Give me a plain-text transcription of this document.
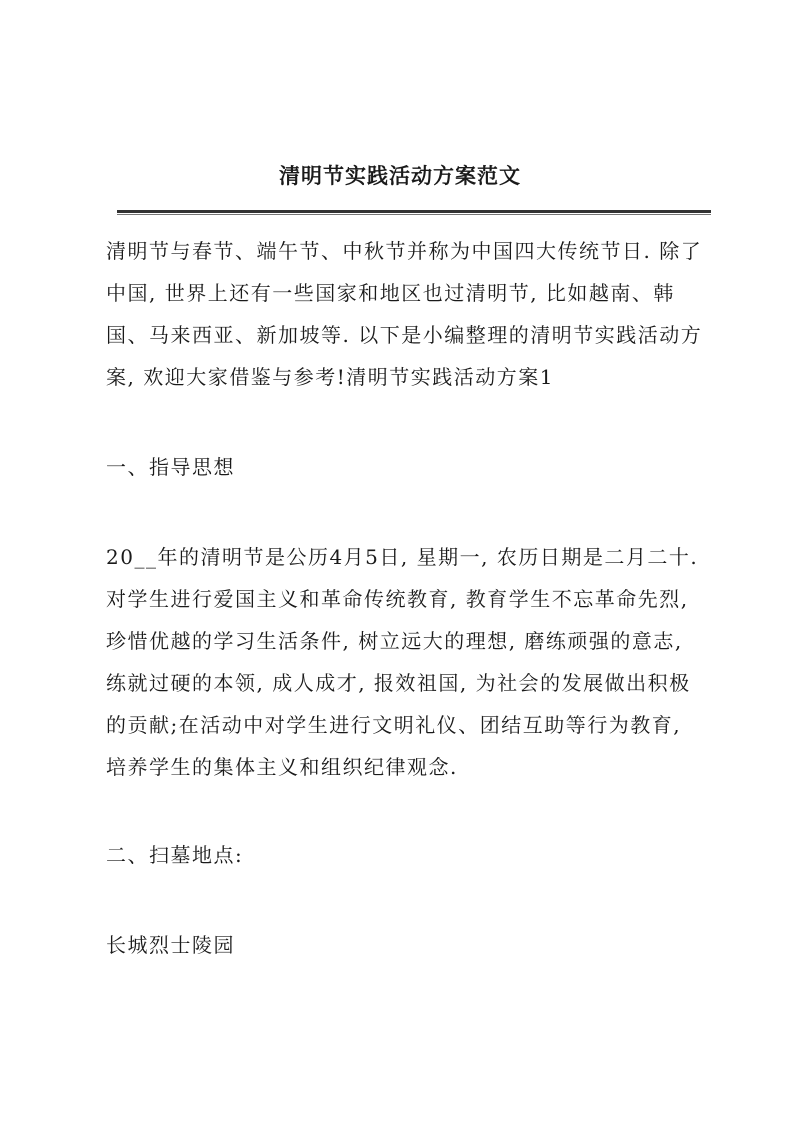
清明节实践活动方案范文

清明节与春节、端午节、中秋节并称为中国四大传统节日. 除了中国, 世界上还有一些国家和地区也过清明节, 比如越南、韩国、马来西亚、新加坡等. 以下是小编整理的清明节实践活动方案, 欢迎大家借鉴与参考!清明节实践活动方案1

一、指导思想

20__年的清明节是公历4月5日, 星期一, 农历日期是二月二十. 对学生进行爱国主义和革命传统教育, 教育学生不忘革命先烈, 珍惜优越的学习生活条件, 树立远大的理想, 磨练顽强的意志, 练就过硬的本领, 成人成才, 报效祖国, 为社会的发展做出积极的贡献;在活动中对学生进行文明礼仪、团结互助等行为教育, 培养学生的集体主义和组织纪律观念.

二、扫墓地点:

长城烈士陵园
